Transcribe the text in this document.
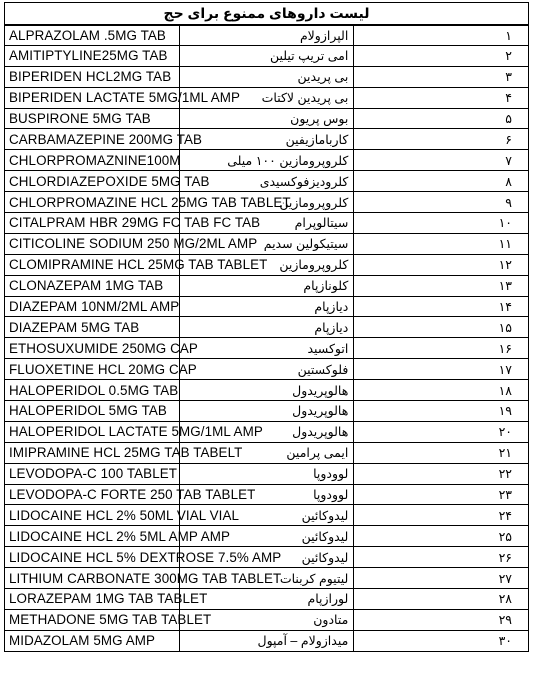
لیست داروهای ممنوع برای حج		
ALPRAZOLAM .5MG TAB	الپرازولام	۱
AMITIPTYLINE25MG TAB	امی تریپ تیلین	۲
BIPERIDEN HCL2MG TAB	بی پریدین	۳
BIPERIDEN LACTATE 5MG/1ML AMP	بی پریدین لاکتات	۴
BUSPIRONE 5MG TAB	بوس پریون	۵
CARBAMAZEPINE 200MG TAB	کاربامازیفین	۶
CHLORPROMAZNINE100M	کلروپرومازین ۱۰۰ میلی	۷
CHLORDIAZEPOXIDE 5MG TAB	کلرودیزفوکسیدی	۸
CHLORPROMAZINE HCL 25MG TAB TABLET	کلروپرومازین	۹
CITALPRAM HBR 29MG FC TAB FC TAB	سیتالوپرام	۱۰
CITICOLINE SODIUM 250 MG/2ML AMP	سیتیکولین سدیم	۱۱
CLOMIPRAMINE HCL 25MG TAB TABLET	کلروپرومازین	۱۲
CLONAZEPAM 1MG TAB	کلونازپام	۱۳
DIAZEPAM 10NM/2ML AMP	دیازپام	۱۴
DIAZEPAM 5MG TAB	دیازپام	۱۵
ETHOSUXUMIDE 250MG CAP	اتوکسید	۱۶
FLUOXETINE HCL 20MG CAP	فلوکستین	۱۷
HALOPERIDOL 0.5MG TAB	هالوپریدول	۱۸
HALOPERIDOL 5MG TAB	هالوپریدول	۱۹
HALOPERIDOL LACTATE 5MG/1ML AMP	هالوپریدول	۲۰
IMIPRAMINE HCL 25MG TAB TABELT	ایمی پرامین	۲۱
LEVODOPA-C 100 TABLET	لوودوپا	۲۲
LEVODOPA-C FORTE 250 TAB TABLET	لوودوپا	۲۳
LIDOCAINE HCL 2% 50ML VIAL VIAL	لیدوکائین	۲۴
LIDOCAINE HCL 2% 5ML AMP AMP	لیدوکائین	۲۵
LIDOCAINE HCL 5% DEXTROSE 7.5% AMP	لیدوکائین	۲۶
LITHIUM CARBONATE 300MG TAB TABLET	لیتیوم کربنات	۲۷
LORAZEPAM 1MG TAB TABLET	لورازپام	۲۸
METHADONE 5MG TAB TABLET	متادون	۲۹
MIDAZOLAM 5MG AMP	میدازولام – آمپول	۳۰
